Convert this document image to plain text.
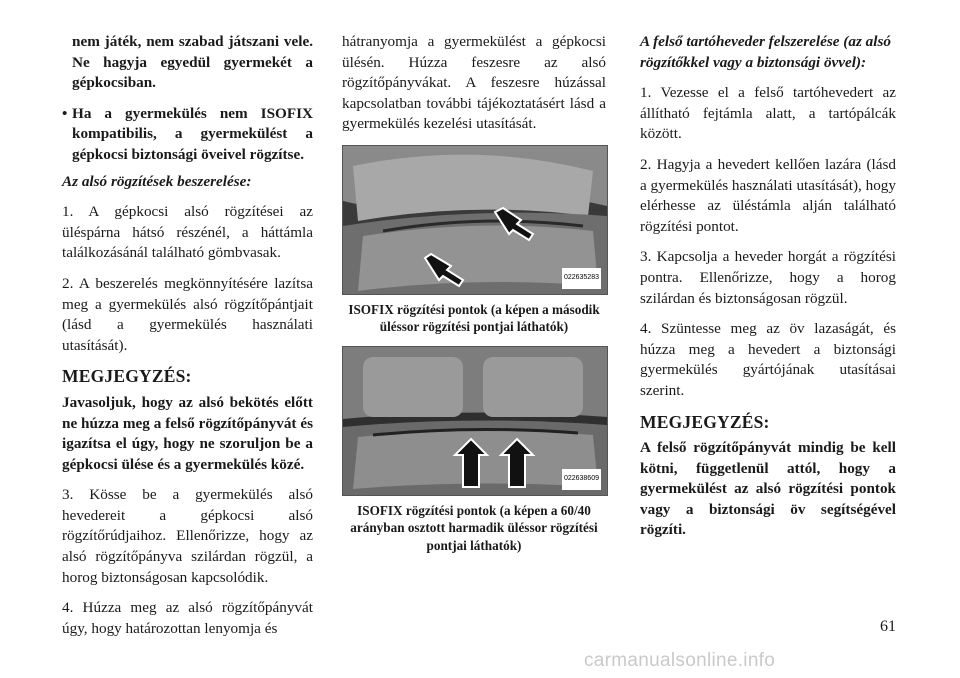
nem játék, nem szabad játszani vele. Ne hagyja egyedül gyermekét a gépkocsiban.

• Ha a gyermekülés nem ISOFIX kompatibilis, a gyermekülést a gépkocsi biztonsági öveivel rögzítse.

Az alsó rögzítések beszerelése:

1. A gépkocsi alsó rögzítései az üléspárna hátsó részénél, a háttámla találkozásánál található gömbvasak.

2. A beszerelés megkönnyítésére lazítsa meg a gyermekülés alsó rögzítőpántjait (lásd a gyermekülés használati utasítását).

MEGJEGYZÉS:

Javasoljuk, hogy az alsó bekötés előtt ne húzza meg a felső rögzítőpányvát és igazítsa el úgy, hogy ne szoruljon be a gépkocsi ülése és a gyermekülés közé.

3. Kösse be a gyermekülés alsó hevedereit a gépkocsi alsó rögzítőrúdjaihoz. Ellenőrizze, hogy az alsó rögzítőpányva szilárdan rögzül, a horog biztonságosan kapcsolódik.

4. Húzza meg az alsó rögzítőpányvát úgy, hogy határozottan lenyomja és

hátranyomja a gyermekülést a gépkocsi ülésén. Húzza feszesre az alsó rögzítőpányvákat. A feszesre húzással kapcsolatban további tájékoztatásért lásd a gyermekülés kezelési utasítását.

022635283
ISOFIX rögzítési pontok (a képen a második üléssor rögzítési pontjai láthatók)
022638609
ISOFIX rögzítési pontok (a képen a 60/40 arányban osztott harmadik üléssor rögzítési pontjai láthatók)

A felső tartóheveder felszerelése (az alsó rögzítőkkel vagy a biztonsági övvel):

1. Vezesse el a felső tartóhevedert az állítható fejtámla alatt, a tartópálcák között.

2. Hagyja a hevedert kellően lazára (lásd a gyermekülés használati utasítását), hogy elérhesse az üléstámla alján található rögzítési pontot.

3. Kapcsolja a heveder horgát a rögzítési pontra. Ellenőrizze, hogy a horog szilárdan és biztonságosan rögzül.

4. Szüntesse meg az öv lazaságát, és húzza meg a hevedert a biztonsági gyermekülés gyártójának utasításai szerint.

MEGJEGYZÉS:

A felső rögzítőpányvát mindig be kell kötni, függetlenül attól, hogy a gyermekülést az alsó rögzítési pontok vagy a biztonsági öv segítségével rögzíti.

61
carmanualsonline.info
